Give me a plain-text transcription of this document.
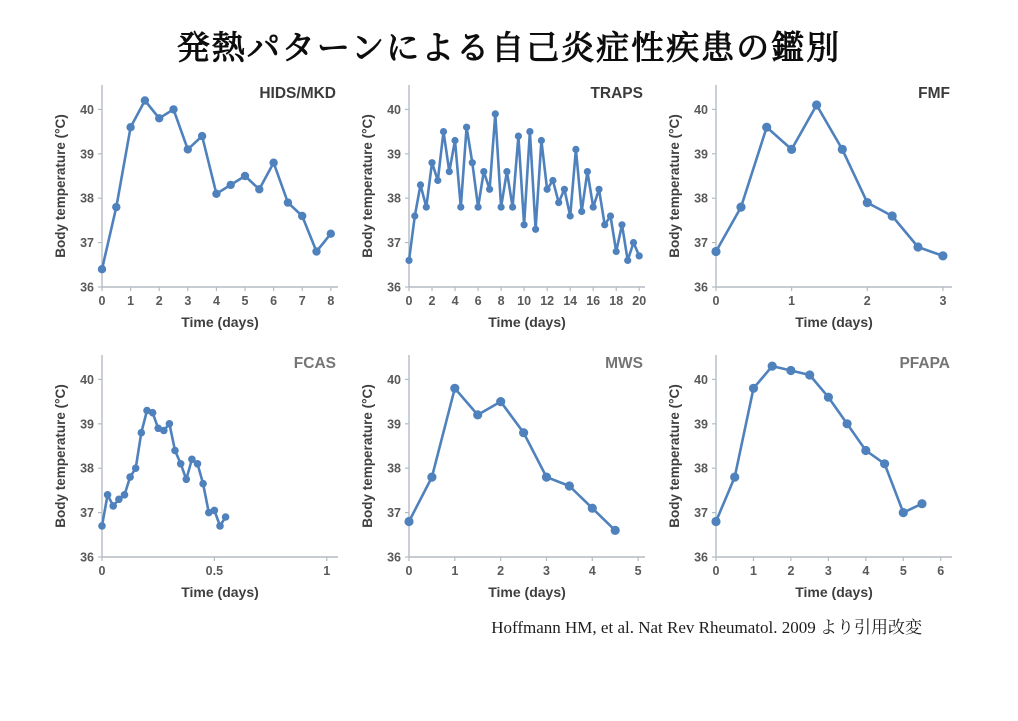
発熱パターンによる自己炎症性疾患の鑑別
36
37
38
39
40
0 1 2 3 4 5 6 7 8
Time (days)
Body temperature (°C)
HIDS/MKD
36
37
38
39
40
0 2 4 6 8 10 12 14 16 18 20
Time (days)
Body temperature (°C)
TRAPS
36
37
38
39
40
0	1	2	3
Time (days)
Body temperature (°C)
FMF
36
37
38
39
40
0	0.5	1
Time (days)
Body temperature (°C)
FCAS
36
37
38
39
40
0	1	2	3	4	5
Time (days)
Body temperature (°C)
MWS
36
37
38
39
40
0 1 2 3 4 5 6
Time (days)
Body temperature (°C)
PFAPA
Hoffmann HM, et al. Nat Rev Rheumatol. 2009 より引用改変
